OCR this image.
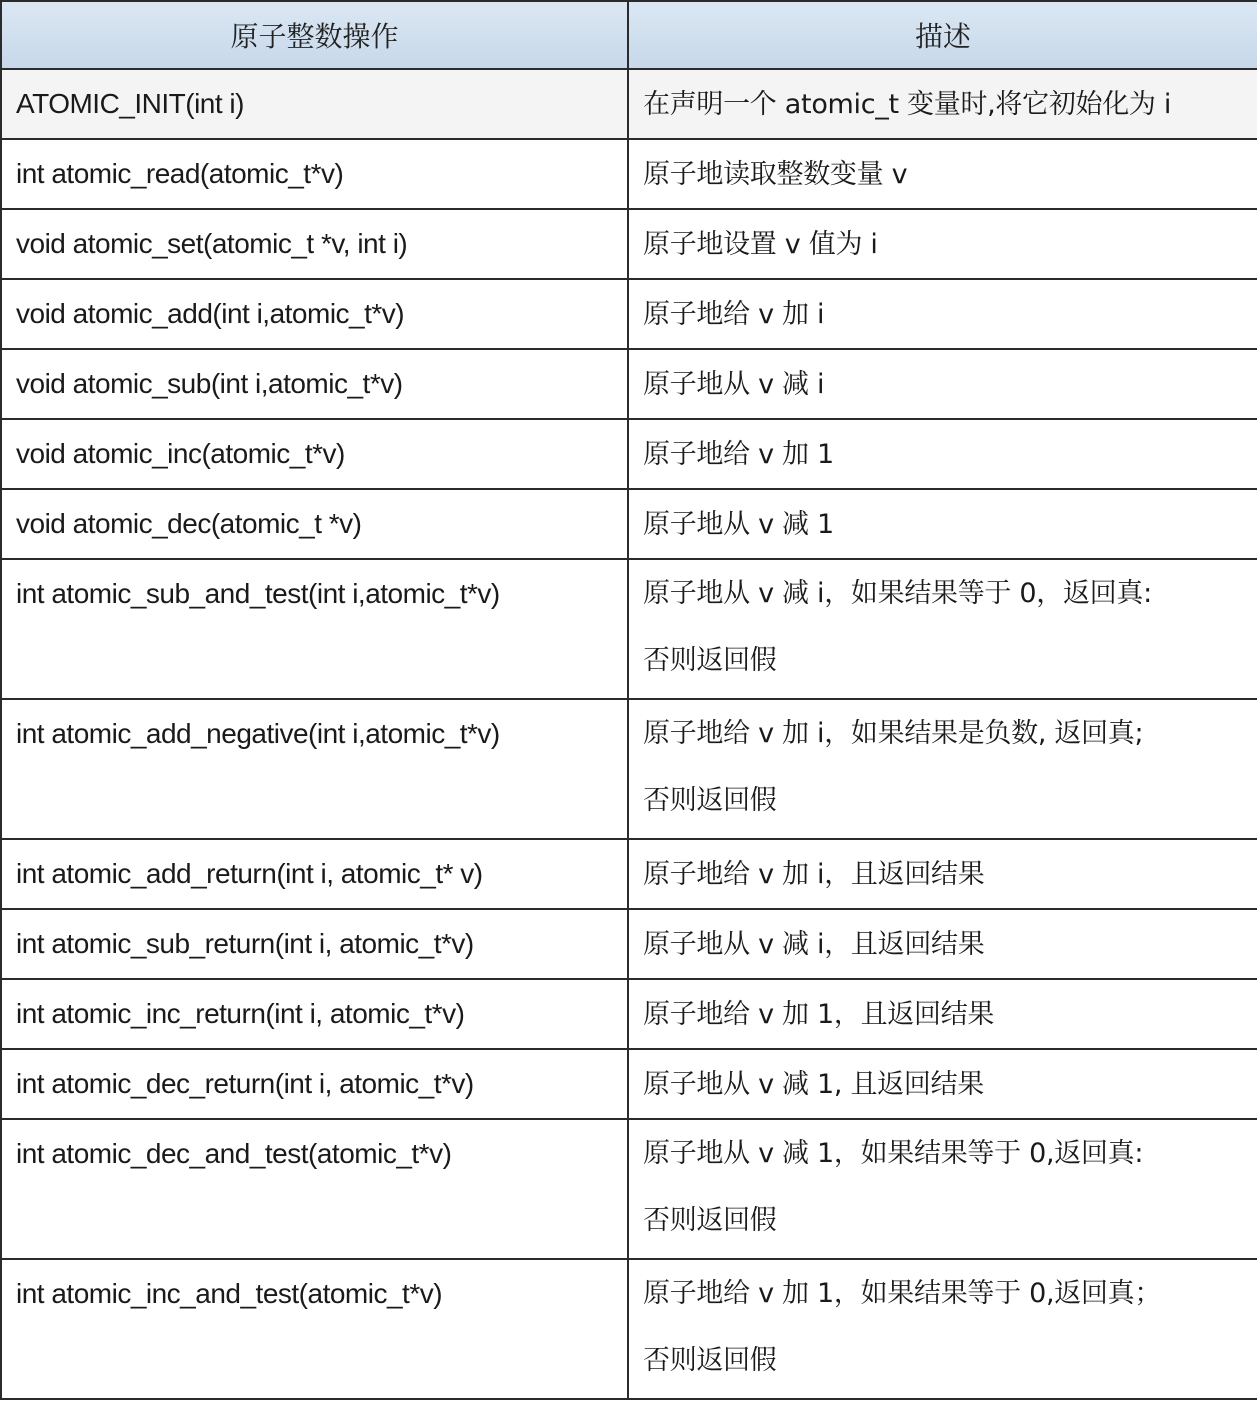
原子整数操作	描述
ATOMIC_INIT(int i)	在声明一个 atomic_t 变量时,将它初始化为 i

int atomic_read(atomic_t*v)	原子地读取整数变量 v

void atomic_set(atomic_t *v, int i)	原子地设置 v 值为 i

void atomic_add(int i,atomic_t*v)	原子地给 v 加 i

void atomic_sub(int i,atomic_t*v)	原子地从 v 减 i

void atomic_inc(atomic_t*v)	原子地给 v 加 1

void atomic_dec(atomic_t *v)	原子地从 v 减 1

int atomic_sub_and_test(int i,atomic_t*v)	原子地从 v 减 i，如果结果等于 0，返回真:
否则返回假

int atomic_add_negative(int i,atomic_t*v)	原子地给 v 加 i，如果结果是负数, 返回真;
否则返回假

int atomic_add_return(int i, atomic_t* v)	原子地给 v 加 i，且返回结果

int atomic_sub_return(int i, atomic_t*v)	原子地从 v 减 i，且返回结果

int atomic_inc_return(int i, atomic_t*v)	原子地给 v 加 1，且返回结果

int atomic_dec_return(int i, atomic_t*v)	原子地从 v 减 1, 且返回结果

int atomic_dec_and_test(atomic_t*v)	原子地从 v 减 1，如果结果等于 0,返回真:
否则返回假

int atomic_inc_and_test(atomic_t*v)	原子地给 v 加 1，如果结果等于 0,返回真；
否则返回假
